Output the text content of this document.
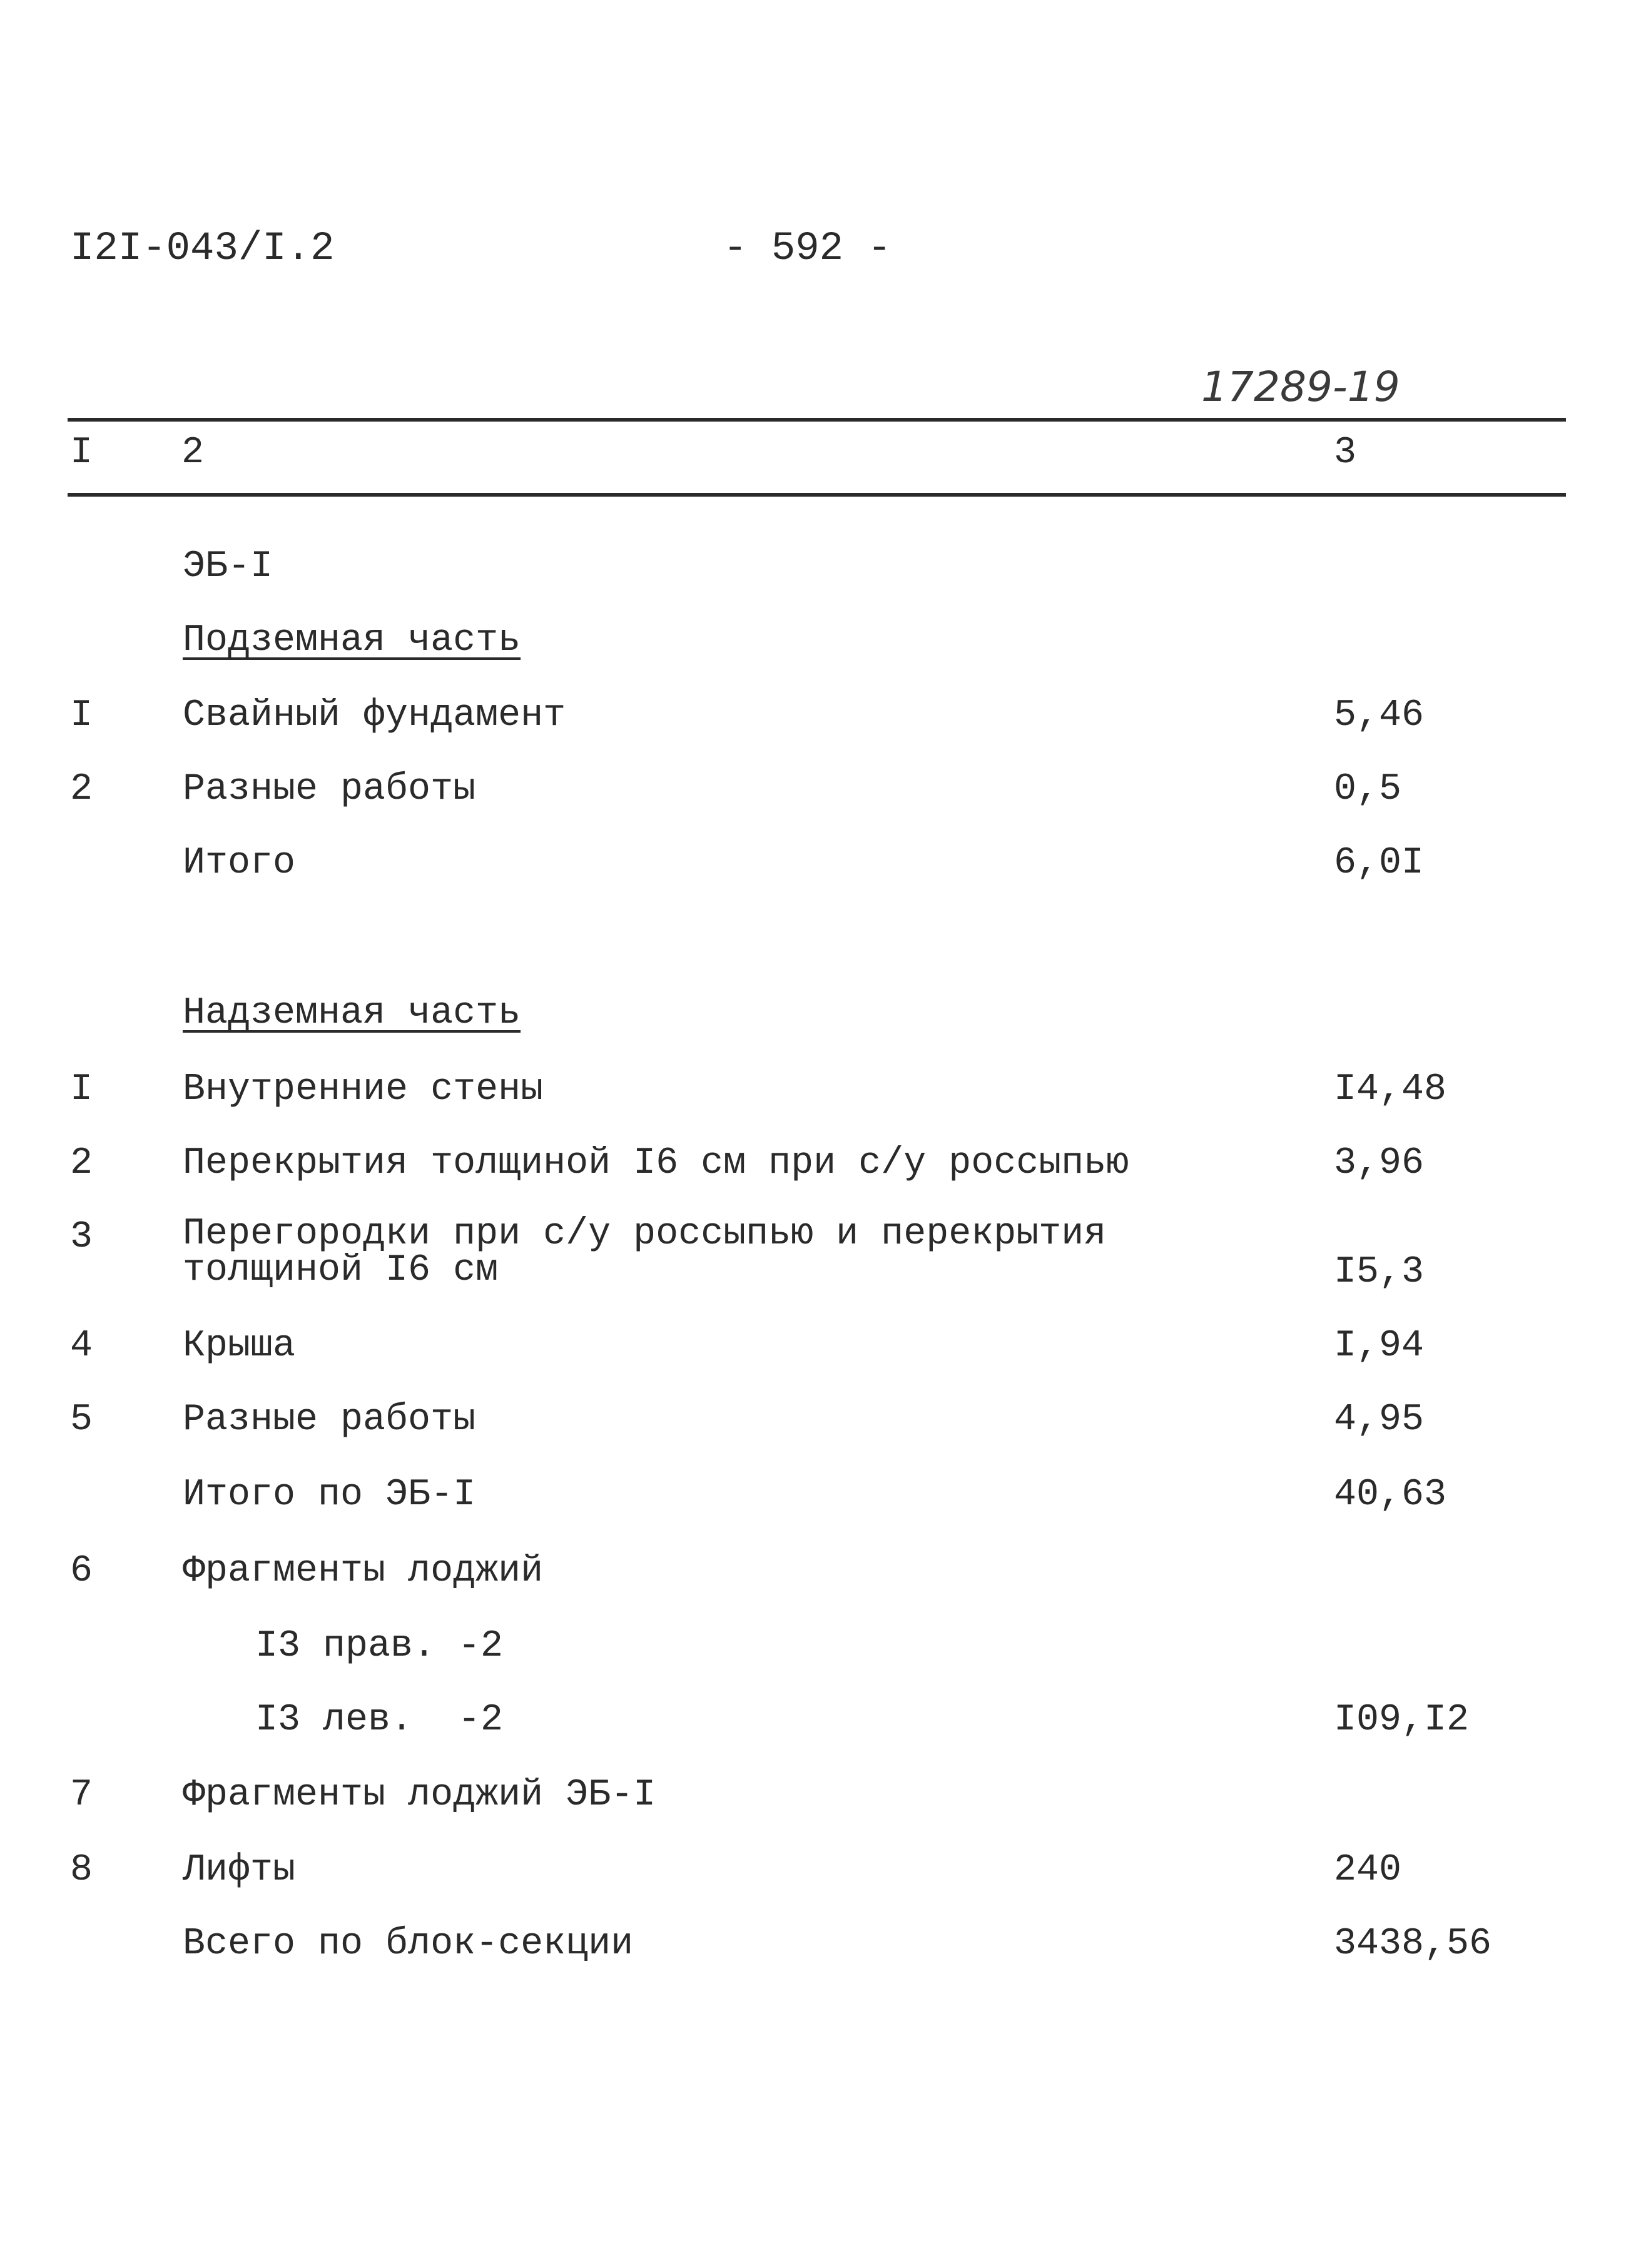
I2I-043/I.2	- 592 -
17289-19
I 2	3
ЭБ-I
Подземная часть
I Свайный фундамент	5,46
2 Разные работы	0,5
Итого	6,0I
Надземная часть
I Внутренние стены	I4,48
2 Перекрытия толщиной I6 см при с/у россыпью	3,96
3 Перегородки при с/у россыпью и перекрытия
толщиной I6 см	I5,3
4 Крыша	I,94
5 Разные работы	4,95
Итого по ЭБ-I	40,63
6 Фрагменты лоджий
I3 прав. -2
I3 лев.  -2	I09,I2
7 Фрагменты лоджий ЭБ-I
8 Лифты	240
Всего по блок-секции	3438,56
